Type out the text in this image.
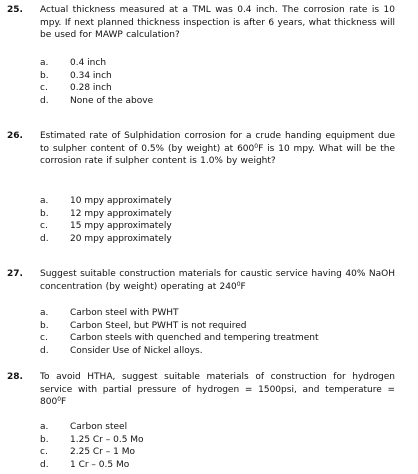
25. Actual thickness measured at a TML was 0.4 inch. The corrosion rate is 10 mpy. If next planned thickness inspection is after 6 years, what thickness will be used for MAWP calculation?
a. 0.4 inch
b. 0.34 inch
c. 0.28 inch
d. None of the above
26. Estimated rate of Sulphidation corrosion for a crude handing equipment due to sulpher content of 0.5% (by weight) at $600^0F$ is 10 mpy. What will be the corrosion rate if sulpher content is 1.0% by weight?
a. 10 mpy approximately
b. 12 mpy approximately
c. 15 mpy approximately
d. 20 mpy approximately
27. Suggest suitable construction materials for caustic service having 40% NaOH concentration (by weight) operating at $240^0F$
a. Carbon steel with PWHT
b. Carbon Steel, but PWHT is not required
c. Carbon steels with quenched and tempering treatment
d. Consider Use of Nickel alloys.
28. To avoid HTHA, suggest suitable materials of construction for hydrogen service with partial pressure of hydrogen = 1500psi, and temperature = $800^0F$
a. Carbon steel
b. 1.25 Cr – 0.5 Mo
c. 2.25 Cr – 1 Mo
d. 1 Cr – 0.5 Mo
